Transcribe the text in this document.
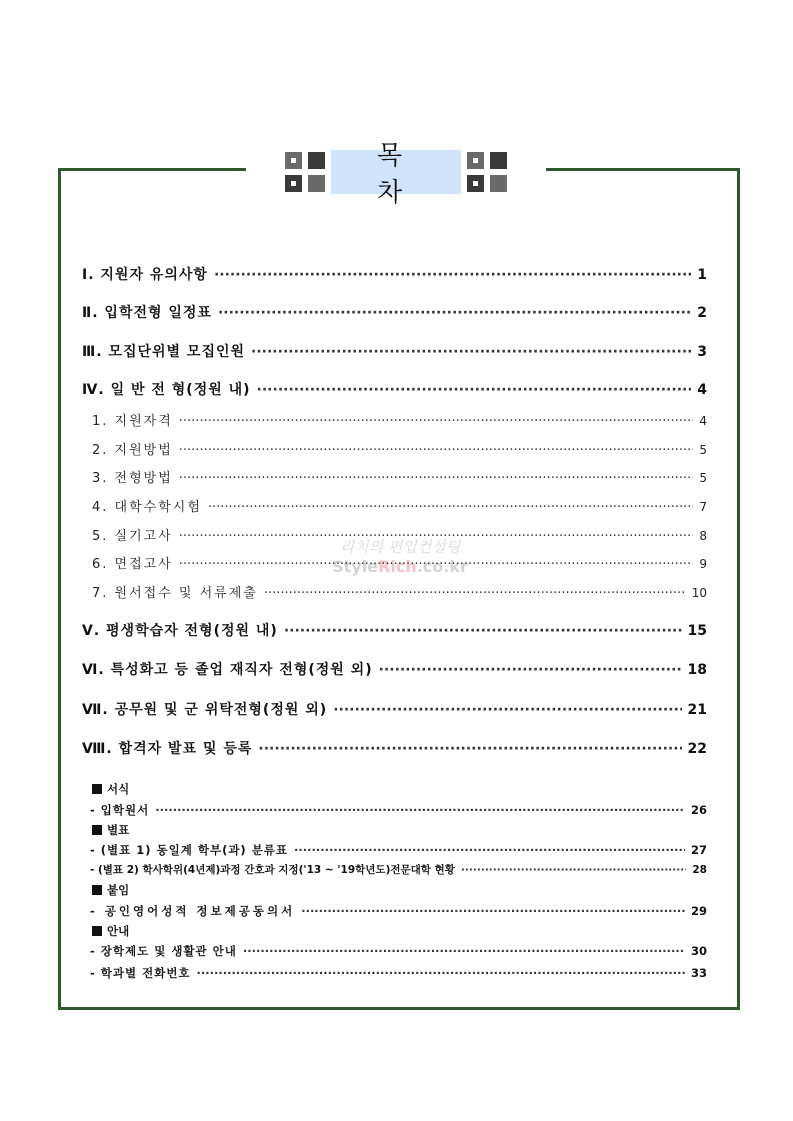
목 차
Ⅰ. 지원자 유의사항 ·····	1
Ⅱ. 입학전형 일정표 ·····	2
Ⅲ. 모집단위별 모집인원 ·····	3
Ⅳ. 일 반 전 형(정원 내) ·····	4
1. 지원자격 ·····	4
2. 지원방법 ·····	5
3. 전형방법 ·····	5
4. 대학수학시험 ·····	7
5. 실기고사 ·····	8
6. 면접고사 ·····	9
7. 원서접수 및 서류제출 ·····	10
Ⅴ. 평생학습자 전형(정원 내) ·····	15
Ⅵ. 특성화고 등 졸업 재직자 전형(정원 외) ·····	18
Ⅶ. 공무원 및 군 위탁전형(정원 외) ·····	21
Ⅷ. 합격자 발표 및 등록 ·····	22
서식
- 입학원서 ·····	26
별표
- (별표 1) 동일계 학부(과) 분류표 ·····	27
- (별표 2) 학사학위(4년제)과정 간호과 지정('13 ~ '19학년도)전문대학 현황 ·····	28
붙임
- 공인영어성적 정보제공동의서 ·····	29
안내
- 장학제도 및 생활관 안내 ·····	30
- 학과별 전화번호 ·····	33
리치의 편입컨설팅
StyleRich.co.kr
